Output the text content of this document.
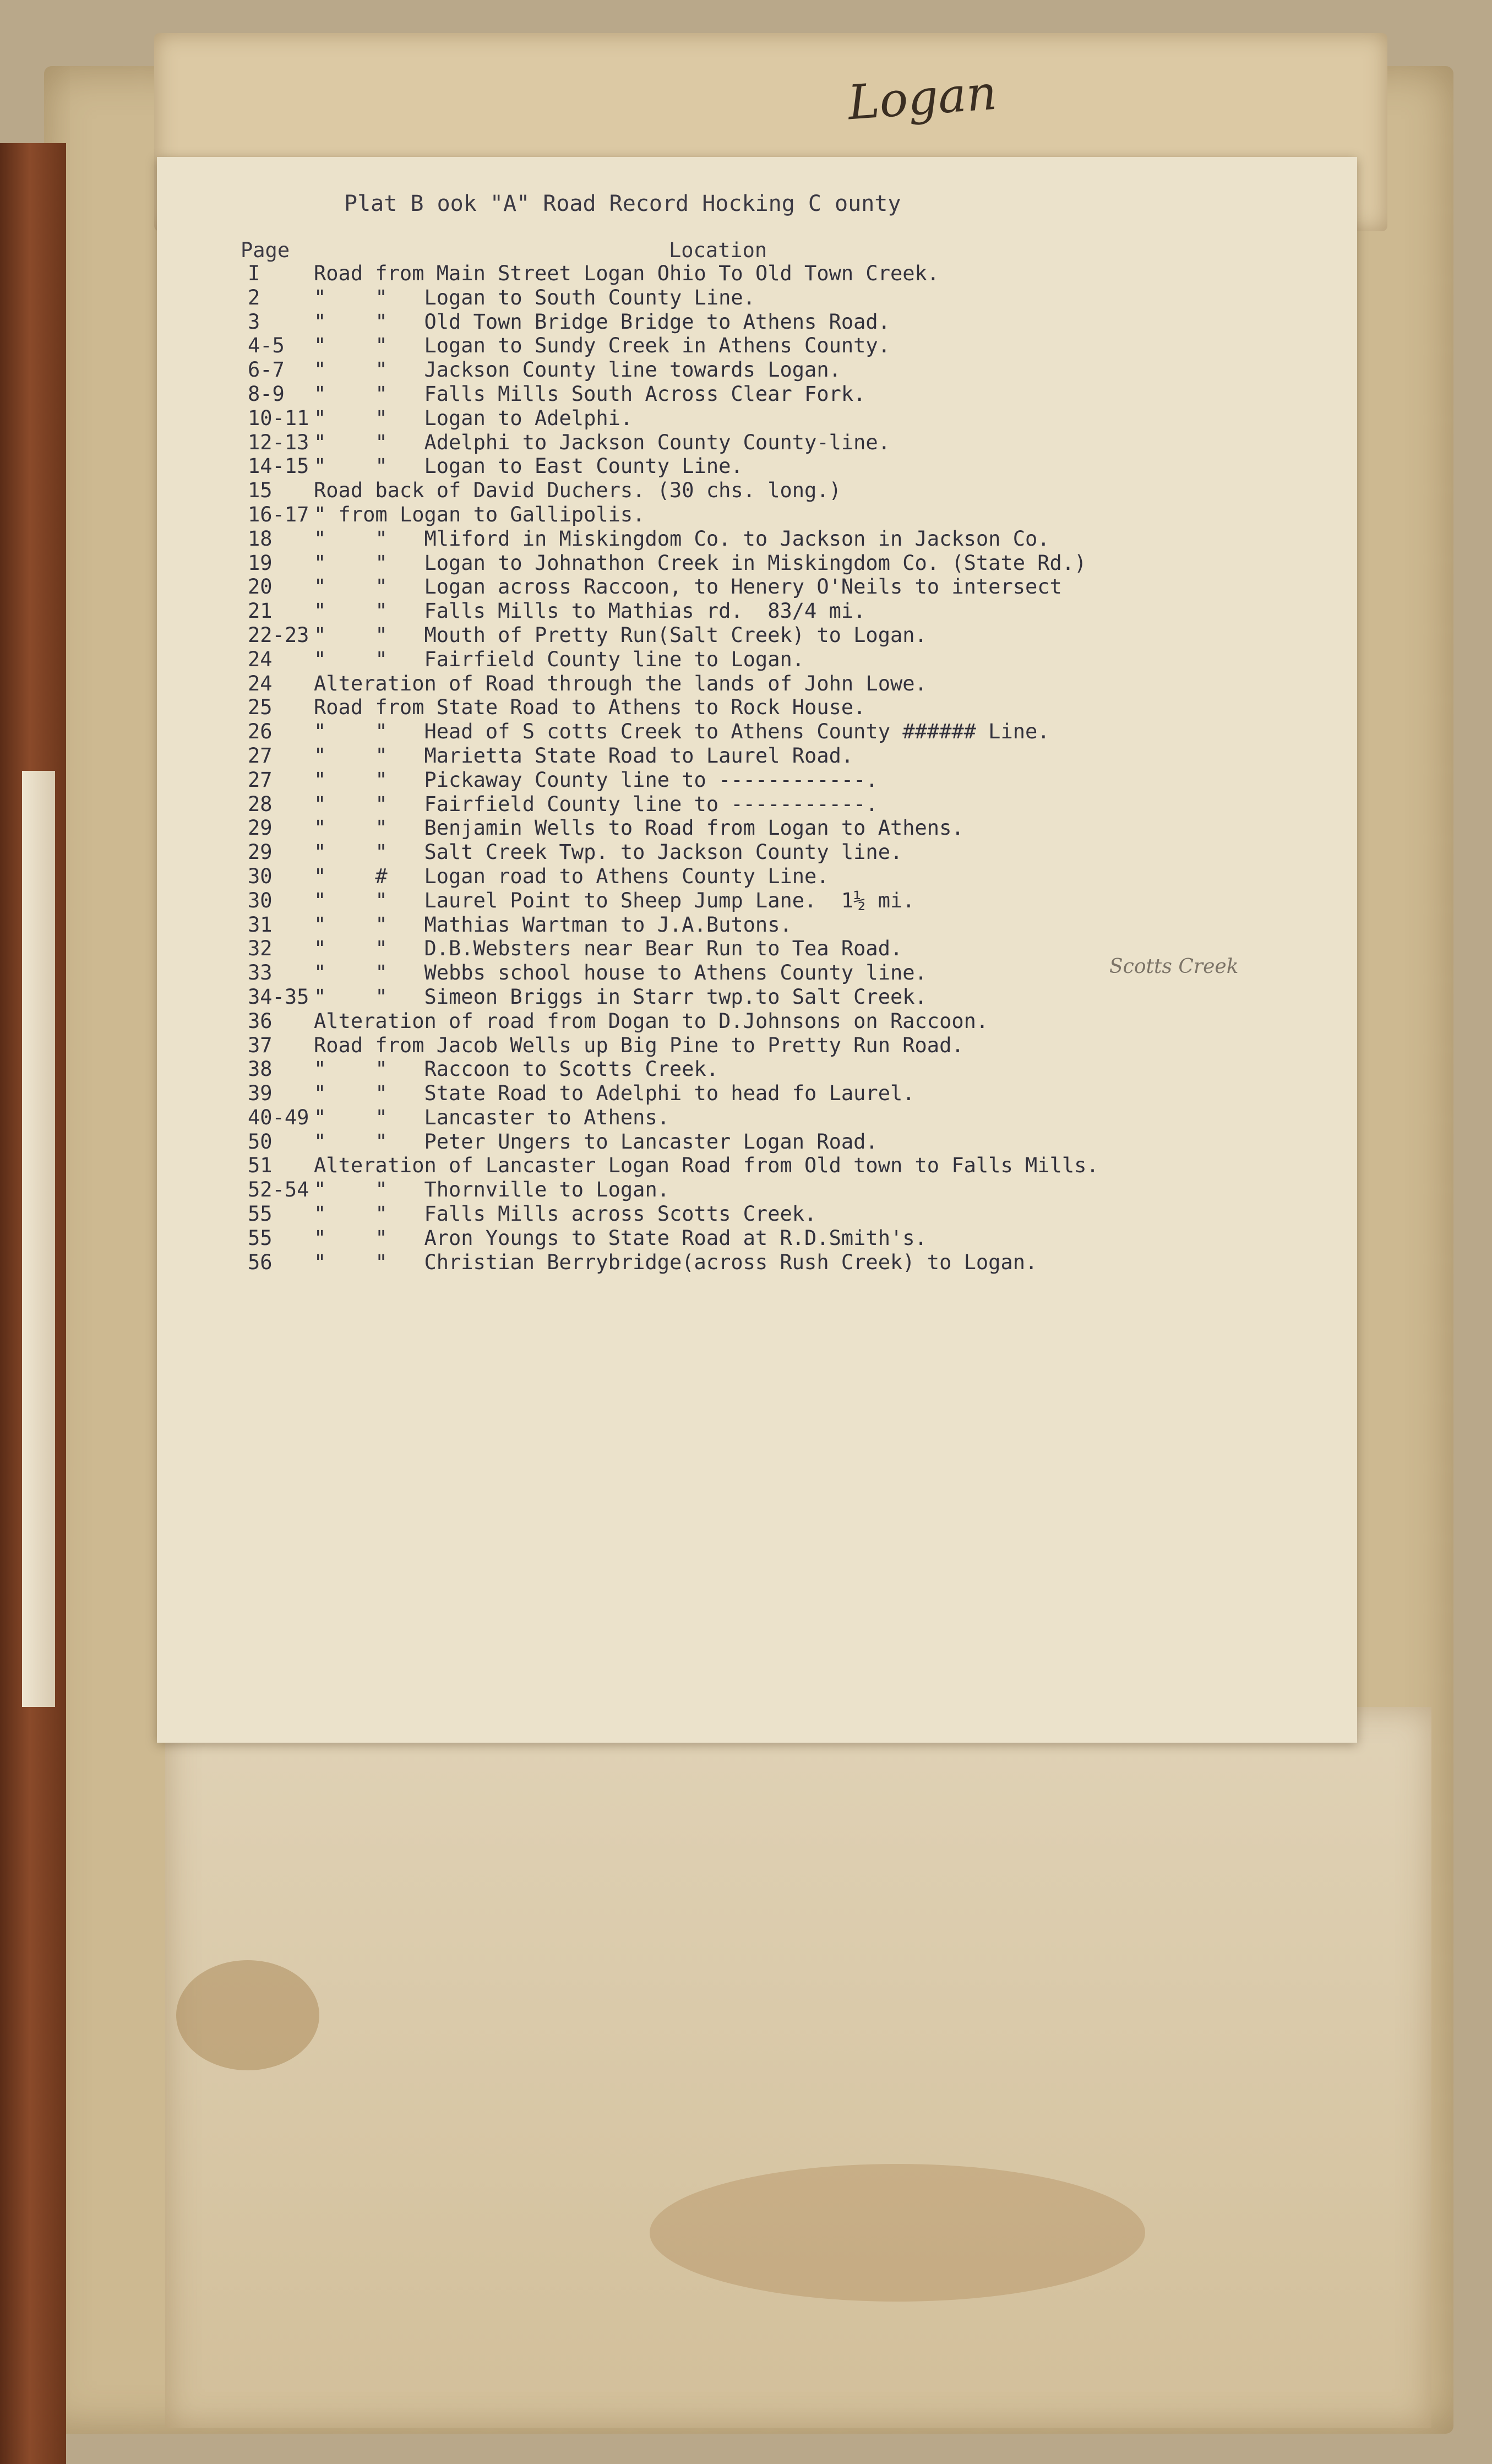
Logan
Plat B ook "A" Road Record Hocking C ounty
Page	Location
I	Road from Main Street Logan Ohio To Old Town Creek.
2	"    "   Logan to South County Line.
3	"    "   Old Town Bridge Bridge to Athens Road.
4-5 "    "   Logan to Sundy Creek in Athens County.
6-7 "    "   Jackson County line towards Logan.
8-9 "    "   Falls Mills South Across Clear Fork.
10-11 "    "   Logan to Adelphi.
12-13 "    "   Adelphi to Jackson County County-line.
14-15 "    "   Logan to East County Line.
15 Road back of David Duchers. (30 chs. long.)
16-17 " from Logan to Gallipolis.
18 "    "   Mliford in Miskingdom Co. to Jackson in Jackson Co.
19 "    "   Logan to Johnathon Creek in Miskingdom Co. (State Rd.)
20 "    "   Logan across Raccoon, to Henery O'Neils to intersect
21 "    "   Falls Mills to Mathias rd.  83/4 mi.
22-23 "    "   Mouth of Pretty Run(Salt Creek) to Logan.
24 "    "   Fairfield County line to Logan.
24 Alteration of Road through the lands of John Lowe.
25 Road from State Road to Athens to Rock House.
26 "    "   Head of S cotts Creek to Athens County ###### Line.
27 "    "   Marietta State Road to Laurel Road.
27 "    "   Pickaway County line to ------------.
28 "    "   Fairfield County line to -----------.
29 "    "   Benjamin Wells to Road from Logan to Athens.
29 "    "   Salt Creek Twp. to Jackson County line.
30 "    #   Logan road to Athens County Line.
30 "    "   Laurel Point to Sheep Jump Lane.  1½ mi.
31 "    "   Mathias Wartman to J.A.Butons.
32 "    "   D.B.Websters near Bear Run to Tea Road.
33 "    "   Webbs school house to Athens County line.
34-35 "    "   Simeon Briggs in Starr twp.to Salt Creek.
36 Alteration of road from Dogan to D.Johnsons on Raccoon.
37 Road from Jacob Wells up Big Pine to Pretty Run Road.
38 "    "   Raccoon to Scotts Creek.
39 "    "   State Road to Adelphi to head fo Laurel.
40-49 "    "   Lancaster to Athens.
50 "    "   Peter Ungers to Lancaster Logan Road.
51 Alteration of Lancaster Logan Road from Old town to Falls Mills.
52-54 "    "   Thornville to Logan.
55 "    "   Falls Mills across Scotts Creek.
55 "    "   Aron Youngs to State Road at R.D.Smith's.
56 "    "   Christian Berrybridge(across Rush Creek) to Logan.
Scotts Creek
